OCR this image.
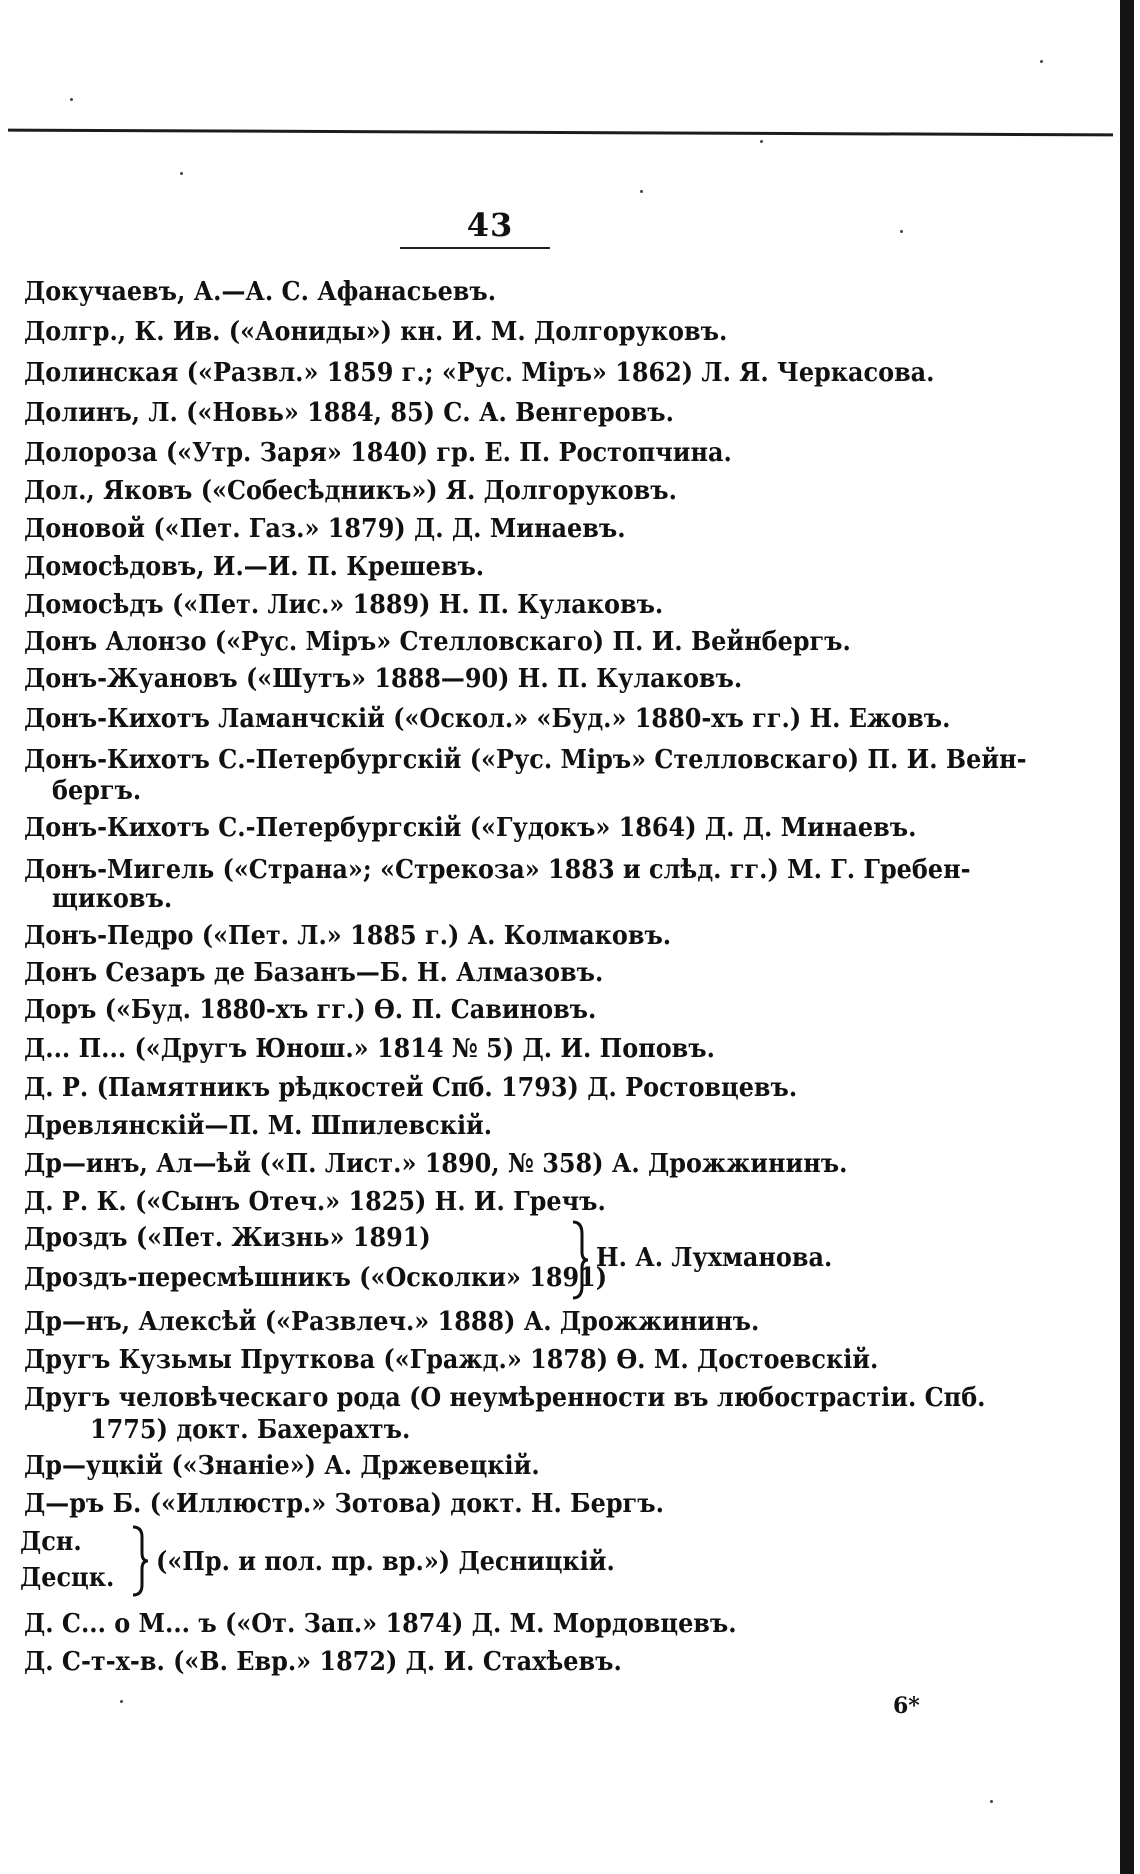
43
Докучаевъ, А.—А. С. Афанасьевъ.
Долгр., К. Ив. («Аониды») кн. И. М. Долгоруковъ.
Долинская («Развл.» 1859 г.; «Рус. Міръ» 1862) Л. Я. Черкасова.
Долинъ, Л. («Новь» 1884, 85) С. А. Венгеровъ.
Долороза («Утр. Заря» 1840) гр. Е. П. Ростопчина.
Дол., Яковъ («Собесѣдникъ») Я. Долгоруковъ.
Доновой («Пет. Газ.» 1879) Д. Д. Минаевъ.
Домосѣдовъ, И.—И. П. Крешевъ.
Домосѣдъ («Пет. Лис.» 1889) Н. П. Кулаковъ.
Донъ Алонзо («Рус. Міръ» Стелловскаго) П. И. Вейнбергъ.
Донъ-Жуановъ («Шутъ» 1888—90) Н. П. Кулаковъ.
Донъ-Кихотъ Ламанчскій («Оскол.» «Буд.» 1880-хъ гг.) Н. Ежовъ.
Донъ-Кихотъ С.-Петербургскій («Рус. Міръ» Стелловскаго) П. И. Вейн-
бергъ.
Донъ-Кихотъ С.-Петербургскій («Гудокъ» 1864) Д. Д. Минаевъ.
Донъ-Мигель («Страна»; «Стрекоза» 1883 и слѣд. гг.) М. Г. Гребен-
щиковъ.
Донъ-Педро («Пет. Л.» 1885 г.) А. Колмаковъ.
Донъ Сезаръ де Базанъ—Б. Н. Алмазовъ.
Доръ («Буд. 1880-хъ гг.) Ѳ. П. Савиновъ.
Д... П... («Другъ Юнош.» 1814 № 5) Д. И. Поповъ.
Д. Р. (Памятникъ рѣдкостей Спб. 1793) Д. Ростовцевъ.
Древлянскій—П. М. Шпилевскій.
Др—инъ, Ал—ѣй («П. Лист.» 1890, № 358) А. Дрожжининъ.
Д. Р. К. («Сынъ Отеч.» 1825) Н. И. Гречъ.
Дроздъ («Пет. Жизнь» 1891)
Дроздъ-пересмѣшникъ («Осколки» 1891)
Н. А. Лухманова.
Др—нъ, Алексѣй («Развлеч.» 1888) А. Дрожжининъ.
Другъ Кузьмы Пруткова («Гражд.» 1878) Ѳ. М. Достоевскій.
Другъ человѣческаго рода (О неумѣренности въ любострастіи. Спб.
1775) докт. Бахерахтъ.
Др—уцкій («Знаніе») А. Држевецкій.
Д—ръ Б. («Иллюстр.» Зотова) докт. Н. Бергъ.
Дсн.
Десцк.
(«Пр. и пол. пр. вр.») Десницкій.
Д. С... о М... ъ («От. Зап.» 1874) Д. М. Мордовцевъ.
Д. С-т-х-в. («В. Евр.» 1872) Д. И. Стахѣевъ.
6*
